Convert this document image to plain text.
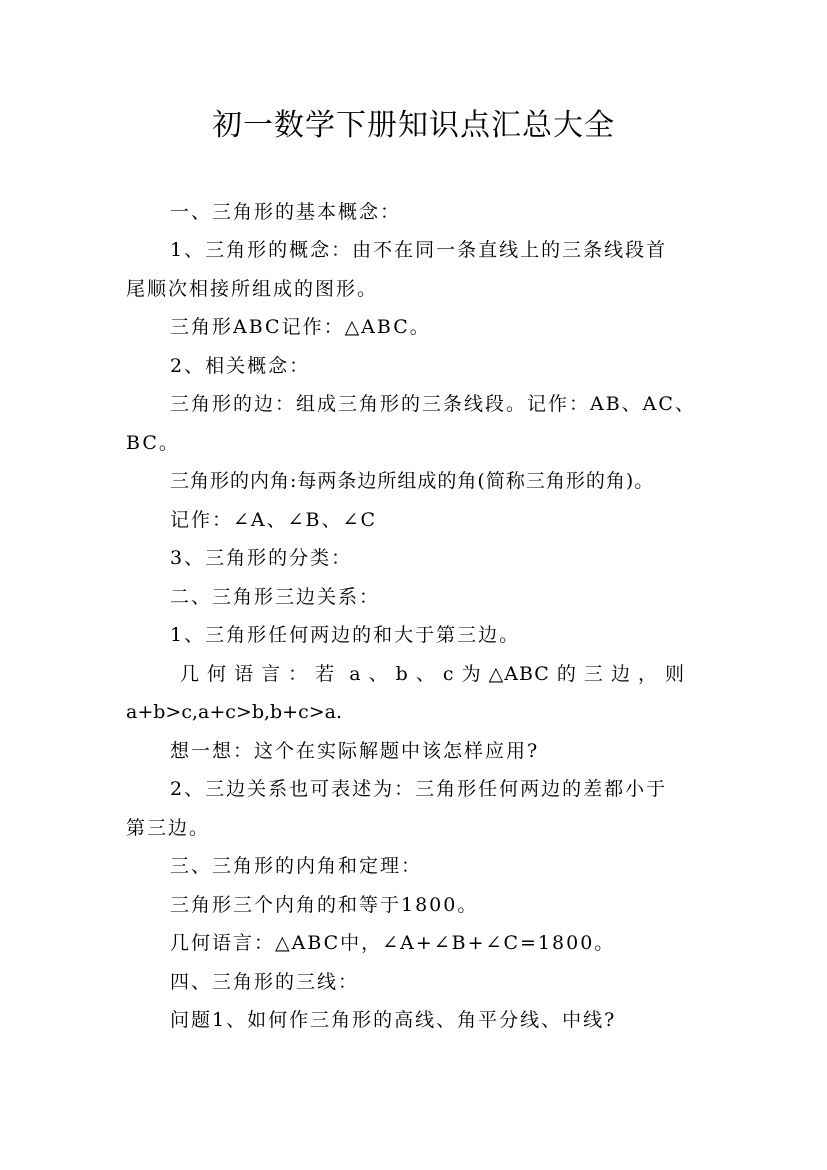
初一数学下册知识点汇总大全
一、三角形的基本概念：
1、三角形的概念：由不在同一条直线上的三条线段首
尾顺次相接所组成的图形。
三角形ABC记作：△ABC。
2、相关概念：
三角形的边：组成三角形的三条线段。记作：AB、AC、
BC。
三角形的内角:每两条边所组成的角(简称三角形的角)。
记作：∠A、∠B、∠C
3、三角形的分类：
二、三角形三边关系：
1、三角形任何两边的和大于第三边。
几 何 语 言 ： 若  a 、 b 、 c 为 △ABC 的 三 边 ， 则
a+b>c,a+c>b,b+c>a.
想一想：这个在实际解题中该怎样应用?
2、三边关系也可表述为：三角形任何两边的差都小于
第三边。
三、三角形的内角和定理：
三角形三个内角的和等于1800。
几何语言：△ABC中，∠A+∠B+∠C=1800。
四、三角形的三线：
问题1、如何作三角形的高线、角平分线、中线?
